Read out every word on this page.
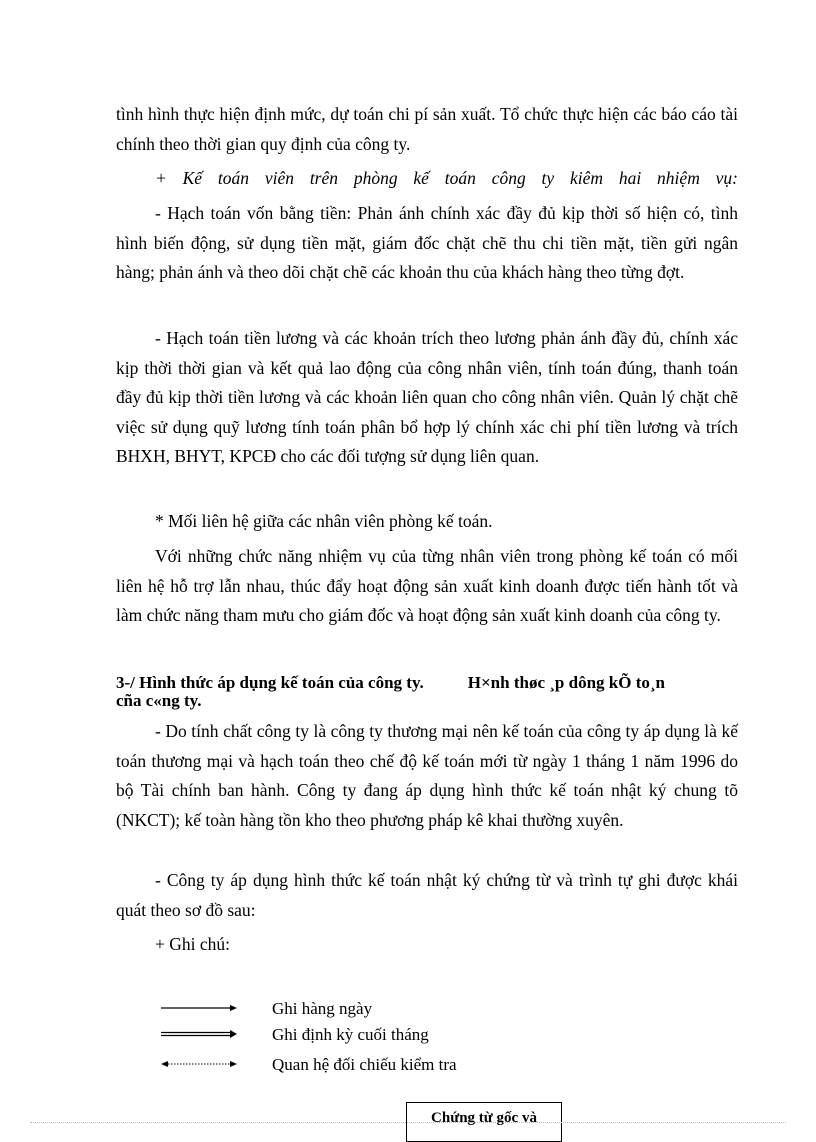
tình hình thực hiện định mức, dự toán chi pí sản xuất. Tổ chức thực hiện các báo cáo tài chính theo thời gian quy định của công ty.

+ Kế toán viên trên phòng kế toán công ty kiêm hai nhiệm vụ:

- Hạch toán vốn bằng tiền: Phản ánh chính xác đầy đủ kịp thời số hiện có, tình hình biến động, sử dụng tiền mặt, giám đốc chặt chẽ thu chi tiền mặt, tiền gửi ngân hàng; phản ánh và theo dõi chặt chẽ các khoản thu của khách hàng theo từng đợt.

- Hạch toán tiền lương và các khoản trích theo lương phản ánh đầy đủ, chính xác kịp thời thời gian và kết quả lao động của công nhân viên, tính toán đúng, thanh toán đầy đủ kịp thời tiền lương và các khoản liên quan cho công nhân viên. Quản lý chặt chẽ việc sử dụng quỹ lương tính toán phân bổ hợp lý chính xác chi phí tiền lương và trích BHXH, BHYT, KPCĐ cho các đối tượng sử dụng liên quan.

* Mối liên hệ giữa các nhân viên phòng kế toán.

Với những chức năng nhiệm vụ của từng nhân viên trong phòng kế toán có mối liên hệ hỗ trợ lẫn nhau, thúc đẩy hoạt động sản xuất kinh doanh được tiến hành tốt và làm chức năng tham mưu cho giám đốc và hoạt động sản xuất kinh doanh của công ty.

3-/ Hình thức áp dụng kế toán của công ty.	H×nh thøc ¸p dông kÕ to¸n
cña c«ng ty.

- Do tính chất công ty là công ty thương mại nên kế toán của công ty áp dụng là kế toán thương mại và hạch toán theo chế độ kế toán mới từ ngày 1 tháng 1 năm 1996 do bộ Tài chính ban hành. Công ty đang áp dụng hình thức kế toán nhật ký chung tõ (NKCT); kế toàn hàng tồn kho theo phương pháp kê khai thường xuyên.

- Công ty áp dụng hình thức kế toán nhật ký chứng từ và trình tự ghi được khái quát theo sơ đồ sau:

+ Ghi chú:

Ghi hàng ngày
Ghi định kỳ cuối tháng
Quan hệ đối chiếu kiểm tra
Chứng từ gốc và
